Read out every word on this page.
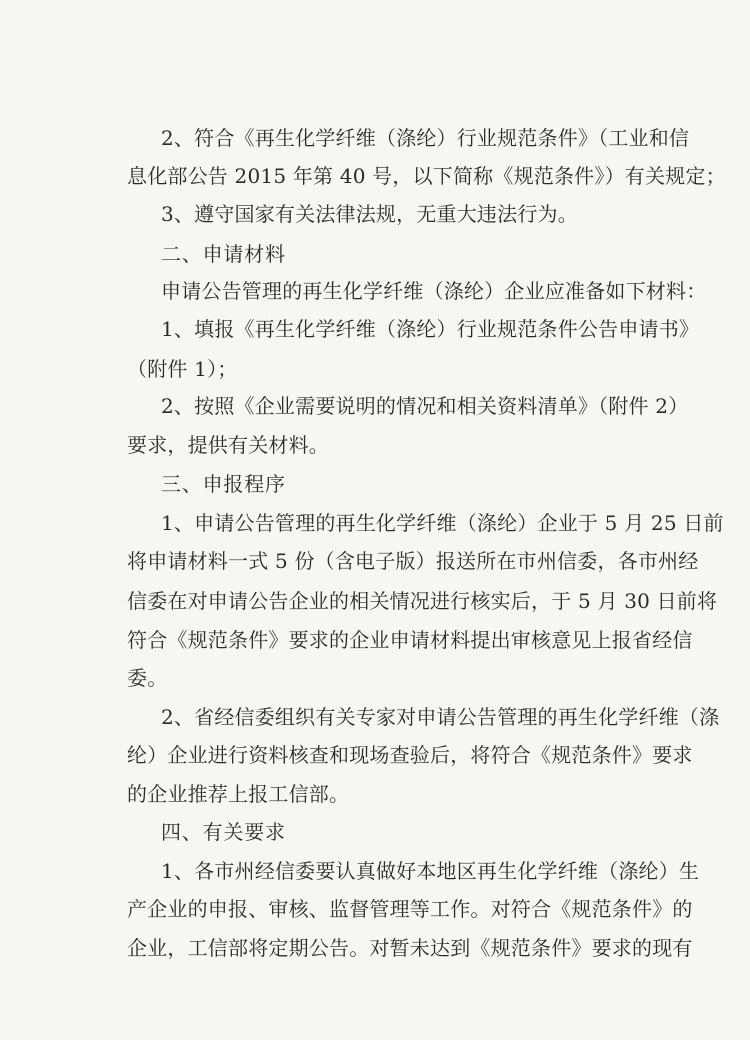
2、符合《再生化学纤维（涤纶）行业规范条件》（工业和信
息化部公告 2015 年第 40 号，以下简称《规范条件》）有关规定；
3、遵守国家有关法律法规，无重大违法行为。
二、申请材料
申请公告管理的再生化学纤维（涤纶）企业应准备如下材料：
1、填报《再生化学纤维（涤纶）行业规范条件公告申请书》
（附件 1）；
2、按照《企业需要说明的情况和相关资料清单》（附件 2）
要求，提供有关材料。
三、申报程序
1、申请公告管理的再生化学纤维（涤纶）企业于 5 月 25 日前
将申请材料一式 5 份（含电子版）报送所在市州信委，各市州经
信委在对申请公告企业的相关情况进行核实后，于 5 月 30 日前将
符合《规范条件》要求的企业申请材料提出审核意见上报省经信
委。
2、省经信委组织有关专家对申请公告管理的再生化学纤维（涤
纶）企业进行资料核查和现场查验后，将符合《规范条件》要求
的企业推荐上报工信部。
四、有关要求
1、各市州经信委要认真做好本地区再生化学纤维（涤纶）生
产企业的申报、审核、监督管理等工作。对符合《规范条件》的
企业，工信部将定期公告。对暂未达到《规范条件》要求的现有
